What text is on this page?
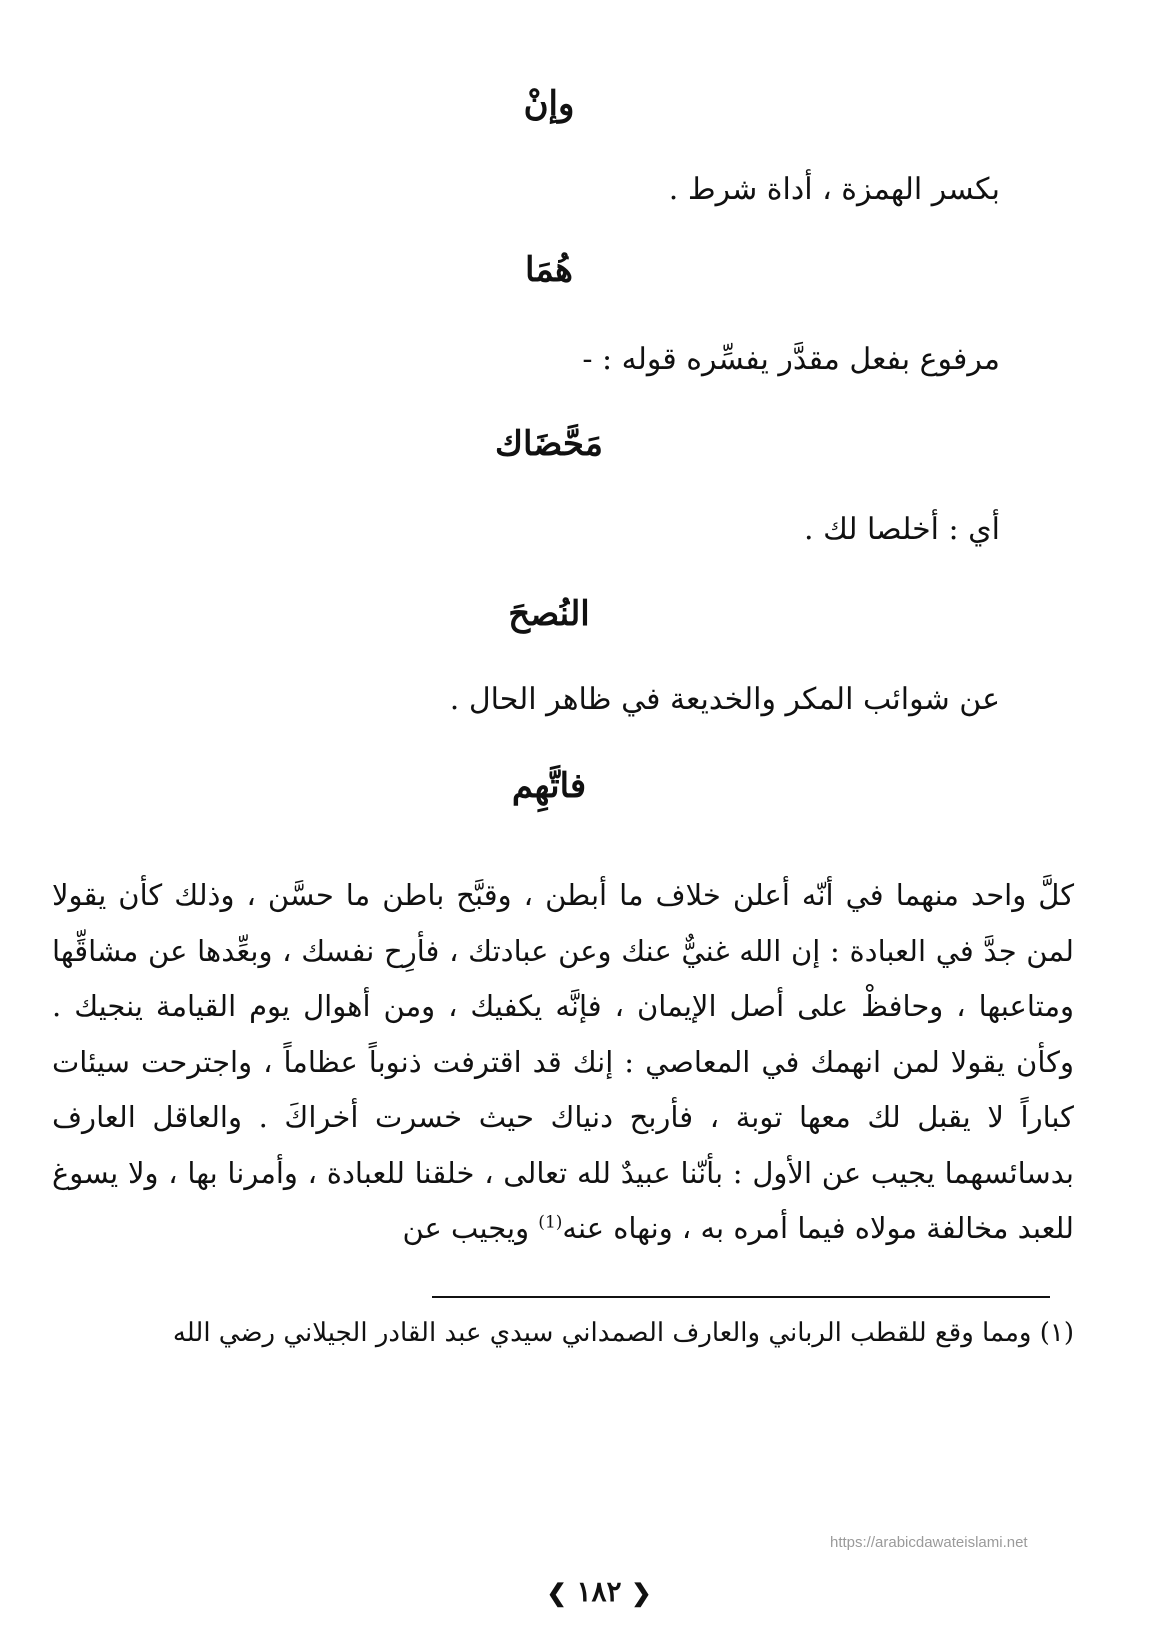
وإنْ
بكسر الهمزة ، أداة شرط .
هُمَا
مرفوع بفعل مقدَّر يفسِّره قوله : -
مَحَّضَاك
أي : أخلصا لك .
النُصحَ
عن شوائب المكر والخديعة في ظاهر الحال .
فاتَّهِم
كلَّ واحد منهما في أنّه أعلن خلاف ما أبطن ، وقبَّح باطن ما حسَّن ، وذلك كأن يقولا لمن جدَّ في العبادة : إن الله غنيٌّ عنك وعن عبادتك ، فأرِح نفسك ، وبعِّدها عن مشاقِّها ومتاعبها ، وحافظْ على أصل الإيمان ، فإنَّه يكفيك ، ومن أهوال يوم القيامة ينجيك . وكأن يقولا لمن انهمك في المعاصي : إنك قد اقترفت ذنوباً عظاماً ، واجترحت سيئات كباراً لا يقبل لك معها توبة ، فأربح دنياك حيث خسرت أخراكَ . والعاقل العارف بدسائسهما يجيب عن الأول : بأنّنا عبيدٌ لله تعالى ، خلقنا للعبادة ، وأمرنا بها ، ولا يسوغ للعبد مخالفة مولاه فيما أمره به ، ونهاه عنه$^{(1)}$ ويجيب عن
(١) ومما وقع للقطب الرباني والعارف الصمداني سيدي عبد القادر الجيلاني رضي الله
https://arabicdawateislami.net
❮ ١٨٢ ❯
